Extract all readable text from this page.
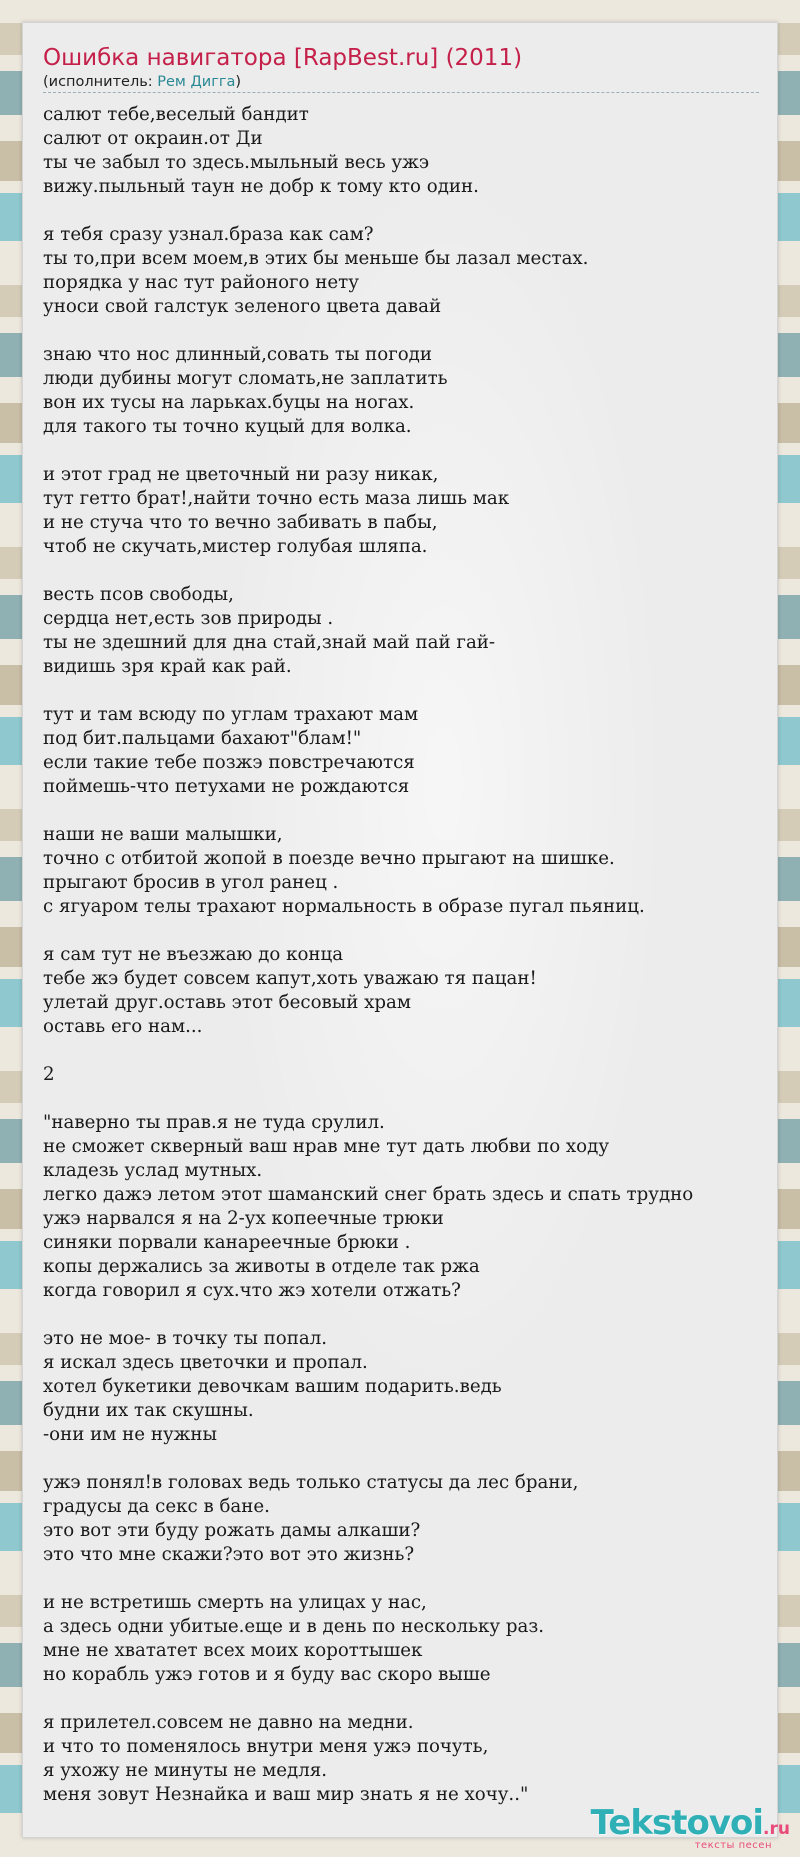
Ошибка навигатора [RapBest.ru] (2011)
(исполнитель: Рем Дигга)
салют тебе,веселый бандит
салют от окраин.от Ди
ты че забыл то здесь.мыльный весь ужэ
вижу.пыльный таун не добр к тому кто один.

я тебя сразу узнал.браза как сам?
ты то,при всем моем,в этих бы меньше бы лазал местах.
порядка у нас тут районого нету
уноси свой галстук зеленого цвета давай

знаю что нос длинный,совать ты погоди
люди дубины могут сломать,не заплатить
вон их тусы на ларьках.буцы на ногах.
для такого ты точно куцый для волка.

и этот град не цветочный ни разу никак,
тут гетто брат!,найти точно есть маза лишь мак
и не стуча что то вечно забивать в пабы,
чтоб не скучать,мистер голубая шляпа.

весть псов свободы,
сердца нет,есть зов природы .
ты не здешний для дна стай,знай май пай гай-
видишь зря край как рай.

тут и там всюду по углам трахают мам
под бит.пальцами бахают"блам!"
если такие тебе позжэ повстречаются
поймешь-что петухами не рождаются

наши не ваши малышки,
точно с отбитой жопой в поезде вечно прыгают на шишке.
прыгают бросив в угол ранец .
с ягуаром телы трахают нормальность в образе пугал пьяниц.

я сам тут не въезжаю до конца
тебе жэ будет совсем капут,хоть уважаю тя пацан!
улетай друг.оставь этот бесовый храм
оставь его нам...

2

"наверно ты прав.я не туда срулил.
не сможет скверный ваш нрав мне тут дать любви по ходу
кладезь услад мутных.
легко дажэ летом этот шаманский снег брать здесь и спать трудно
ужэ нарвался я на 2-ух копеечные трюки
синяки порвали канареечные брюки .
копы держались за животы в отделе так ржа
когда говорил я сух.что жэ хотели отжать?

это не мое- в точку ты попал.
я искал здесь цветочки и пропал.
хотел букетики девочкам вашим подарить.ведь
будни их так скушны.
-они им не нужны

ужэ понял!в головах ведь только статусы да лес брани,
градусы да секс в бане.
это вот эти буду рожать дамы алкаши?
это что мне скажи?это вот это жизнь?

и не встретишь смерть на улицах у нас,
а здесь одни убитые.еще и в день по нескольку раз.
мне не хвататет всех моих короттышек
но корабль ужэ готов и я буду вас скоро выше

я прилетел.совсем не давно на медни.
и что то поменялось внутри меня ужэ почуть,
я ухожу не минуты не медля.
меня зовут Незнайка и ваш мир знать я не хочу.."
Tekstovoi.ru
тексты песен
